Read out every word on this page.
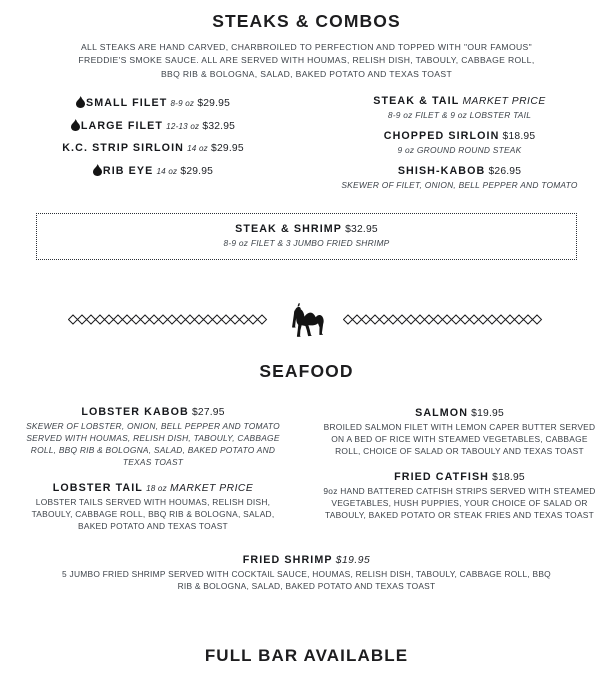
STEAKS & COMBOS
ALL STEAKS ARE HAND CARVED, CHARBROILED TO PERFECTION AND TOPPED WITH "OUR FAMOUS" FREDDIE'S SMOKE SAUCE. ALL ARE SERVED WITH HOUMAS, RELISH DISH, TABOULY, CABBAGE ROLL, BBQ RIB & BOLOGNA, SALAD, BAKED POTATO AND TEXAS TOAST
SMALL FILET 8-9 oz $29.95
LARGE FILET 12-13 oz $32.95
K.C. STRIP SIRLOIN 14 oz $29.95
RIB EYE 14 oz $29.95
STEAK & TAIL MARKET PRICE
8-9 oz FILET & 9 oz LOBSTER TAIL
CHOPPED SIRLOIN $18.95
9 oz GROUND ROUND STEAK
SHISH-KABOB $26.95
SKEWER OF FILET, ONION, BELL PEPPER AND TOMATO
STEAK & SHRIMP $32.95
8-9 oz FILET & 3 JUMBO FRIED SHRIMP
SEAFOOD
LOBSTER KABOB $27.95
SKEWER OF LOBSTER, ONION, BELL PEPPER AND TOMATO SERVED WITH HOUMAS, RELISH DISH, TABOULY, CABBAGE ROLL, BBQ RIB & BOLOGNA, SALAD, BAKED POTATO AND TEXAS TOAST
LOBSTER TAIL 18 oz MARKET PRICE
LOBSTER TAILS SERVED WITH HOUMAS, RELISH DISH, TABOULY, CABBAGE ROLL, BBQ RIB & BOLOGNA, SALAD, BAKED POTATO AND TEXAS TOAST
SALMON $19.95
BROILED SALMON FILET WITH LEMON CAPER BUTTER SERVED ON A BED OF RICE WITH STEAMED VEGETABLES, CABBAGE ROLL, CHOICE OF SALAD OR TABOULY AND TEXAS TOAST
FRIED CATFISH $18.95
9oz HAND BATTERED CATFISH STRIPS SERVED WITH STEAMED VEGETABLES, HUSH PUPPIES, YOUR CHOICE OF SALAD OR TABOULY, BAKED POTATO OR STEAK FRIES AND TEXAS TOAST
FRIED SHRIMP $19.95
5 JUMBO FRIED SHRIMP SERVED WITH COCKTAIL SAUCE, HOUMAS, RELISH DISH, TABOULY, CABBAGE ROLL, BBQ RIB & BOLOGNA, SALAD, BAKED POTATO AND TEXAS TOAST
FULL BAR AVAILABLE
